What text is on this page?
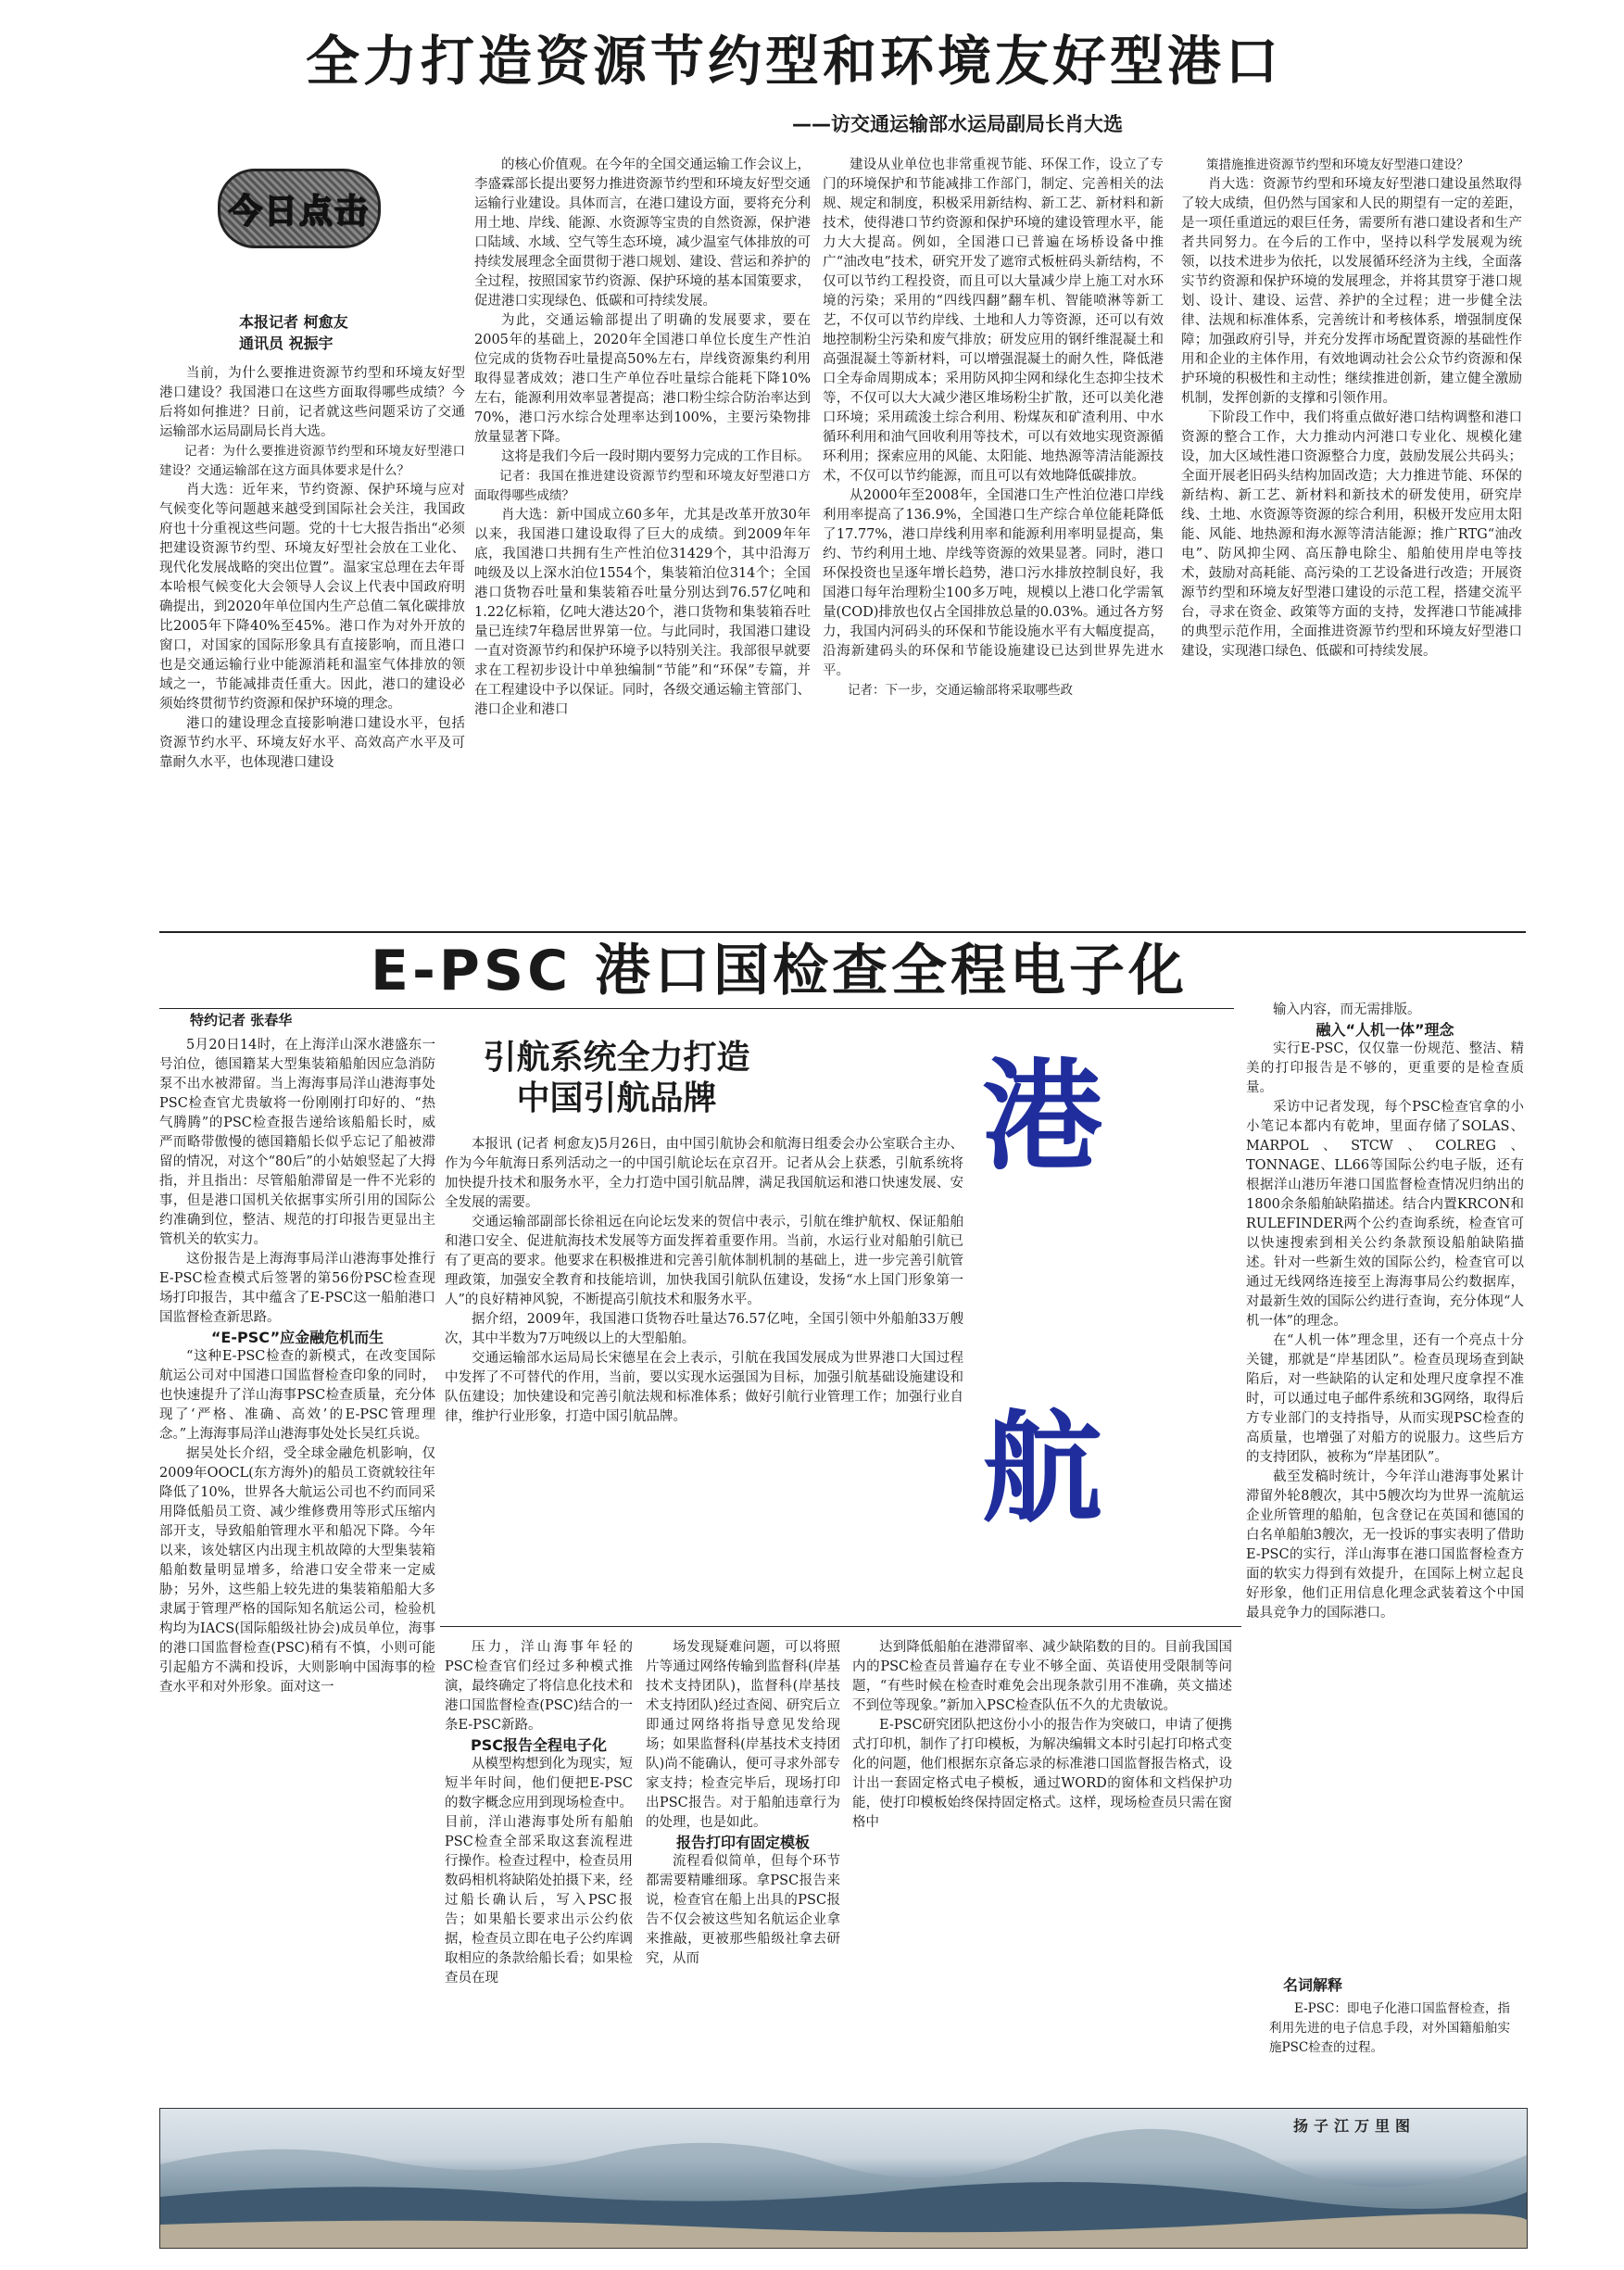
全力打造资源节约型和环境友好型港口
——访交通运输部水运局副局长肖大选
今日点击
本报记者 柯愈友
通讯员 祝振宇

当前，为什么要推进资源节约型和环境友好型港口建设？我国港口在这些方面取得哪些成绩？今后将如何推进？日前，记者就这些问题采访了交通运输部水运局副局长肖大选。

记者：为什么要推进资源节约型和环境友好型港口建设？交通运输部在这方面具体要求是什么？

肖大选：近年来，节约资源、保护环境与应对气候变化等问题越来越受到国际社会关注，我国政府也十分重视这些问题。党的十七大报告指出“必须把建设资源节约型、环境友好型社会放在工业化、现代化发展战略的突出位置”。温家宝总理在去年哥本哈根气候变化大会领导人会议上代表中国政府明确提出，到2020年单位国内生产总值二氧化碳排放比2005年下降40%至45%。港口作为对外开放的窗口，对国家的国际形象具有直接影响，而且港口也是交通运输行业中能源消耗和温室气体排放的领域之一，节能减排责任重大。因此，港口的建设必须始终贯彻节约资源和保护环境的理念。

港口的建设理念直接影响港口建设水平，包括资源节约水平、环境友好水平、高效高产水平及可靠耐久水平，也体现港口建设

的核心价值观。在今年的全国交通运输工作会议上，李盛霖部长提出要努力推进资源节约型和环境友好型交通运输行业建设。具体而言，在港口建设方面，要将充分利用土地、岸线、能源、水资源等宝贵的自然资源，保护港口陆域、水域、空气等生态环境，减少温室气体排放的可持续发展理念全面贯彻于港口规划、建设、营运和养护的全过程，按照国家节约资源、保护环境的基本国策要求，促进港口实现绿色、低碳和可持续发展。

为此，交通运输部提出了明确的发展要求，要在2005年的基础上，2020年全国港口单位长度生产性泊位完成的货物吞吐量提高50%左右，岸线资源集约利用取得显著成效；港口生产单位吞吐量综合能耗下降10%左右，能源利用效率显著提高；港口粉尘综合防治率达到70%，港口污水综合处理率达到100%，主要污染物排放量显著下降。

这将是我们今后一段时期内要努力完成的工作目标。

记者：我国在推进建设资源节约型和环境友好型港口方面取得哪些成绩？

肖大选：新中国成立60多年，尤其是改革开放30年以来，我国港口建设取得了巨大的成绩。到2009年年底，我国港口共拥有生产性泊位31429个，其中沿海万吨级及以上深水泊位1554个，集装箱泊位314个；全国港口货物吞吐量和集装箱吞吐量分别达到76.57亿吨和1.22亿标箱，亿吨大港达20个，港口货物和集装箱吞吐量已连续7年稳居世界第一位。与此同时，我国港口建设一直对资源节约和保护环境予以特别关注。我部很早就要求在工程初步设计中单独编制“节能”和“环保”专篇，并在工程建设中予以保证。同时，各级交通运输主管部门、港口企业和港口

建设从业单位也非常重视节能、环保工作，设立了专门的环境保护和节能减排工作部门，制定、完善相关的法规、规定和制度，积极采用新结构、新工艺、新材料和新技术，使得港口节约资源和保护环境的建设管理水平，能力大大提高。例如，全国港口已普遍在场桥设备中推广“油改电”技术，研究开发了遮帘式板桩码头新结构，不仅可以节约工程投资，而且可以大量减少岸上施工对水环境的污染；采用的“四线四翻”翻车机、智能喷淋等新工艺，不仅可以节约岸线、土地和人力等资源，还可以有效地控制粉尘污染和废气排放；研发应用的钢纤维混凝土和高强混凝土等新材料，可以增强混凝土的耐久性，降低港口全寿命周期成本；采用防风抑尘网和绿化生态抑尘技术等，不仅可以大大减少港区堆场粉尘扩散，还可以美化港口环境；采用疏浚土综合利用、粉煤灰和矿渣利用、中水循环利用和油气回收利用等技术，可以有效地实现资源循环利用；探索应用的风能、太阳能、地热源等清洁能源技术，不仅可以节约能源，而且可以有效地降低碳排放。

从2000年至2008年，全国港口生产性泊位港口岸线利用率提高了136.9%，全国港口生产综合单位能耗降低了17.77%，港口岸线利用率和能源利用率明显提高，集约、节约利用土地、岸线等资源的效果显著。同时，港口环保投资也呈逐年增长趋势，港口污水排放控制良好，我国港口每年治理粉尘100多万吨，规模以上港口化学需氧量(COD)排放也仅占全国排放总量的0.03%。通过各方努力，我国内河码头的环保和节能设施水平有大幅度提高，沿海新建码头的环保和节能设施建设已达到世界先进水平。

记者：下一步，交通运输部将采取哪些政

策措施推进资源节约型和环境友好型港口建设？

肖大选：资源节约型和环境友好型港口建设虽然取得了较大成绩，但仍然与国家和人民的期望有一定的差距，是一项任重道远的艰巨任务，需要所有港口建设者和生产者共同努力。在今后的工作中，坚持以科学发展观为统领，以技术进步为依托，以发展循环经济为主线，全面落实节约资源和保护环境的发展理念，并将其贯穿于港口规划、设计、建设、运营、养护的全过程；进一步健全法律、法规和标准体系，完善统计和考核体系，增强制度保障；加强政府引导，并充分发挥市场配置资源的基础性作用和企业的主体作用，有效地调动社会公众节约资源和保护环境的积极性和主动性；继续推进创新，建立健全激励机制，发挥创新的支撑和引领作用。

下阶段工作中，我们将重点做好港口结构调整和港口资源的整合工作，大力推动内河港口专业化、规模化建设，加大区域性港口资源整合力度，鼓励发展公共码头；全面开展老旧码头结构加固改造；大力推进节能、环保的新结构、新工艺、新材料和新技术的研发使用，研究岸线、土地、水资源等资源的综合利用，积极开发应用太阳能、风能、地热源和海水源等清洁能源；推广RTG“油改电”、防风抑尘网、高压静电除尘、船舶使用岸电等技术，鼓励对高耗能、高污染的工艺设备进行改造；开展资源节约型和环境友好型港口建设的示范工程，搭建交流平台，寻求在资金、政策等方面的支持，发挥港口节能减排的典型示范作用，全面推进资源节约型和环境友好型港口建设，实现港口绿色、低碳和可持续发展。

E-PSC 港口国检查全程电子化
特约记者 张春华

5月20日14时，在上海洋山深水港盛东一号泊位，德国籍某大型集装箱船舶因应急消防泵不出水被滞留。当上海海事局洋山港海事处PSC检查官尤贵敏将一份刚刚打印好的、“热气腾腾”的PSC检查报告递给该船船长时，威严而略带傲慢的德国籍船长似乎忘记了船被滞留的情况，对这个“80后”的小姑娘竖起了大拇指，并且指出：尽管船舶滞留是一件不光彩的事，但是港口国机关依据事实所引用的国际公约准确到位，整洁、规范的打印报告更显出主管机关的软实力。

这份报告是上海海事局洋山港海事处推行E-PSC检查模式后签署的第56份PSC检查现场打印报告，其中蕴含了E-PSC这一船舶港口国监督检查新思路。

“E-PSC”应金融危机而生

“这种E-PSC检查的新模式，在改变国际航运公司对中国港口国监督检查印象的同时，也快速提升了洋山海事PSC检查质量，充分体现了‘严格、准确、高效’的E-PSC管理理念。”上海海事局洋山港海事处处长吴红兵说。

据吴处长介绍，受全球金融危机影响，仅2009年OOCL(东方海外)的船员工资就较往年降低了10%，世界各大航运公司也不约而同采用降低船员工资、减少维修费用等形式压缩内部开支，导致船舶管理水平和船况下降。今年以来，该处辖区内出现主机故障的大型集装箱船舶数量明显增多，给港口安全带来一定威胁；另外，这些船上较先进的集装箱船船大多隶属于管理严格的国际知名航运公司，检验机构均为IACS(国际船级社协会)成员单位，海事的港口国监督检查(PSC)稍有不慎，小则可能引起船方不满和投诉，大则影响中国海事的检查水平和对外形象。面对这一

引航系统全力打造
中国引航品牌

本报讯 (记者 柯愈友)5月26日，由中国引航协会和航海日组委会办公室联合主办、作为今年航海日系列活动之一的中国引航论坛在京召开。记者从会上获悉，引航系统将加快提升技术和服务水平，全力打造中国引航品牌，满足我国航运和港口快速发展、安全发展的需要。

交通运输部副部长徐祖远在向论坛发来的贺信中表示，引航在维护航权、保证船舶和港口安全、促进航海技术发展等方面发挥着重要作用。当前，水运行业对船舶引航已有了更高的要求。他要求在积极推进和完善引航体制机制的基础上，进一步完善引航管理政策，加强安全教育和技能培训，加快我国引航队伍建设，发扬“水上国门形象第一人”的良好精神风貌，不断提高引航技术和服务水平。

据介绍，2009年，我国港口货物吞吐量达76.57亿吨，全国引领中外船舶33万艘次，其中半数为7万吨级以上的大型船舶。

交通运输部水运局局长宋德星在会上表示，引航在我国发展成为世界港口大国过程中发挥了不可替代的作用，当前，要以实现水运强国为目标，加强引航基础设施建设和队伍建设；加快建设和完善引航法规和标准体系；做好引航行业管理工作；加强行业自律，维护行业形象，打造中国引航品牌。

港
航

压力，洋山海事年轻的PSC检查官们经过多种模式推演，最终确定了将信息化技术和港口国监督检查(PSC)结合的一条E-PSC新路。

PSC报告全程电子化

从模型构想到化为现实，短短半年时间，他们便把E-PSC的数字概念应用到现场检查中。目前，洋山港海事处所有船舶PSC检查全部采取这套流程进行操作。检查过程中，检查员用数码相机将缺陷处拍摄下来，经过船长确认后，写入PSC报告；如果船长要求出示公约依据，检查员立即在电子公约库调取相应的条款给船长看；如果检查员在现

场发现疑难问题，可以将照片等通过网络传输到监督科(岸基技术支持团队)，监督科(岸基技术支持团队)经过查阅、研究后立即通过网络将指导意见发给现场；如果监督科(岸基技术支持团队)尚不能确认，便可寻求外部专家支持；检查完毕后，现场打印出PSC报告。对于船舶违章行为的处理，也是如此。

报告打印有固定模板

流程看似简单，但每个环节都需要精雕细琢。拿PSC报告来说，检查官在船上出具的PSC报告不仅会被这些知名航运企业拿来推敲，更被那些船级社拿去研究，从而

达到降低船舶在港滞留率、减少缺陷数的目的。目前我国国内的PSC检查员普遍存在专业不够全面、英语使用受限制等问题，“有些时候在检查时难免会出现条款引用不准确，英文描述不到位等现象。”新加入PSC检查队伍不久的尤贵敏说。

E-PSC研究团队把这份小小的报告作为突破口，申请了便携式打印机，制作了打印模板，为解决编辑文本时引起打印格式变化的问题，他们根据东京备忘录的标准港口国监督报告格式，设计出一套固定格式电子模板，通过WORD的窗体和文档保护功能，使打印模板始终保持固定格式。这样，现场检查员只需在窗格中

输入内容，而无需排版。

融入“人机一体”理念

实行E-PSC，仅仅靠一份规范、整洁、精美的打印报告是不够的，更重要的是检查质量。

采访中记者发现，每个PSC检查官拿的小小笔记本都内有乾坤，里面存储了SOLAS、MARPOL、STCW、COLREG、TONNAGE、LL66等国际公约电子版，还有根据洋山港历年港口国监督检查情况归纳出的1800余条船舶缺陷描述。结合内置KRCON和RULEFINDER两个公约查询系统，检查官可以快速搜索到相关公约条款预设船舶缺陷描述。针对一些新生效的国际公约，检查官可以通过无线网络连接至上海海事局公约数据库，对最新生效的国际公约进行查询，充分体现“人机一体”的理念。

在“人机一体”理念里，还有一个亮点十分关键，那就是“岸基团队”。检查员现场查到缺陷后，对一些缺陷的认定和处理尺度拿捏不准时，可以通过电子邮件系统和3G网络，取得后方专业部门的支持指导，从而实现PSC检查的高质量，也增强了对船方的说服力。这些后方的支持团队，被称为“岸基团队”。

截至发稿时统计，今年洋山港海事处累计滞留外轮8艘次，其中5艘次均为世界一流航运企业所管理的船舶，包含登记在英国和德国的白名单船舶3艘次，无一投诉的事实表明了借助E-PSC的实行，洋山海事在港口国监督检查方面的软实力得到有效提升，在国际上树立起良好形象，他们正用信息化理念武装着这个中国最具竞争力的国际港口。

名词解释

E-PSC：即电子化港口国监督检查，指利用先进的电子信息手段，对外国籍船舶实施PSC检查的过程。

扬子江万里图
